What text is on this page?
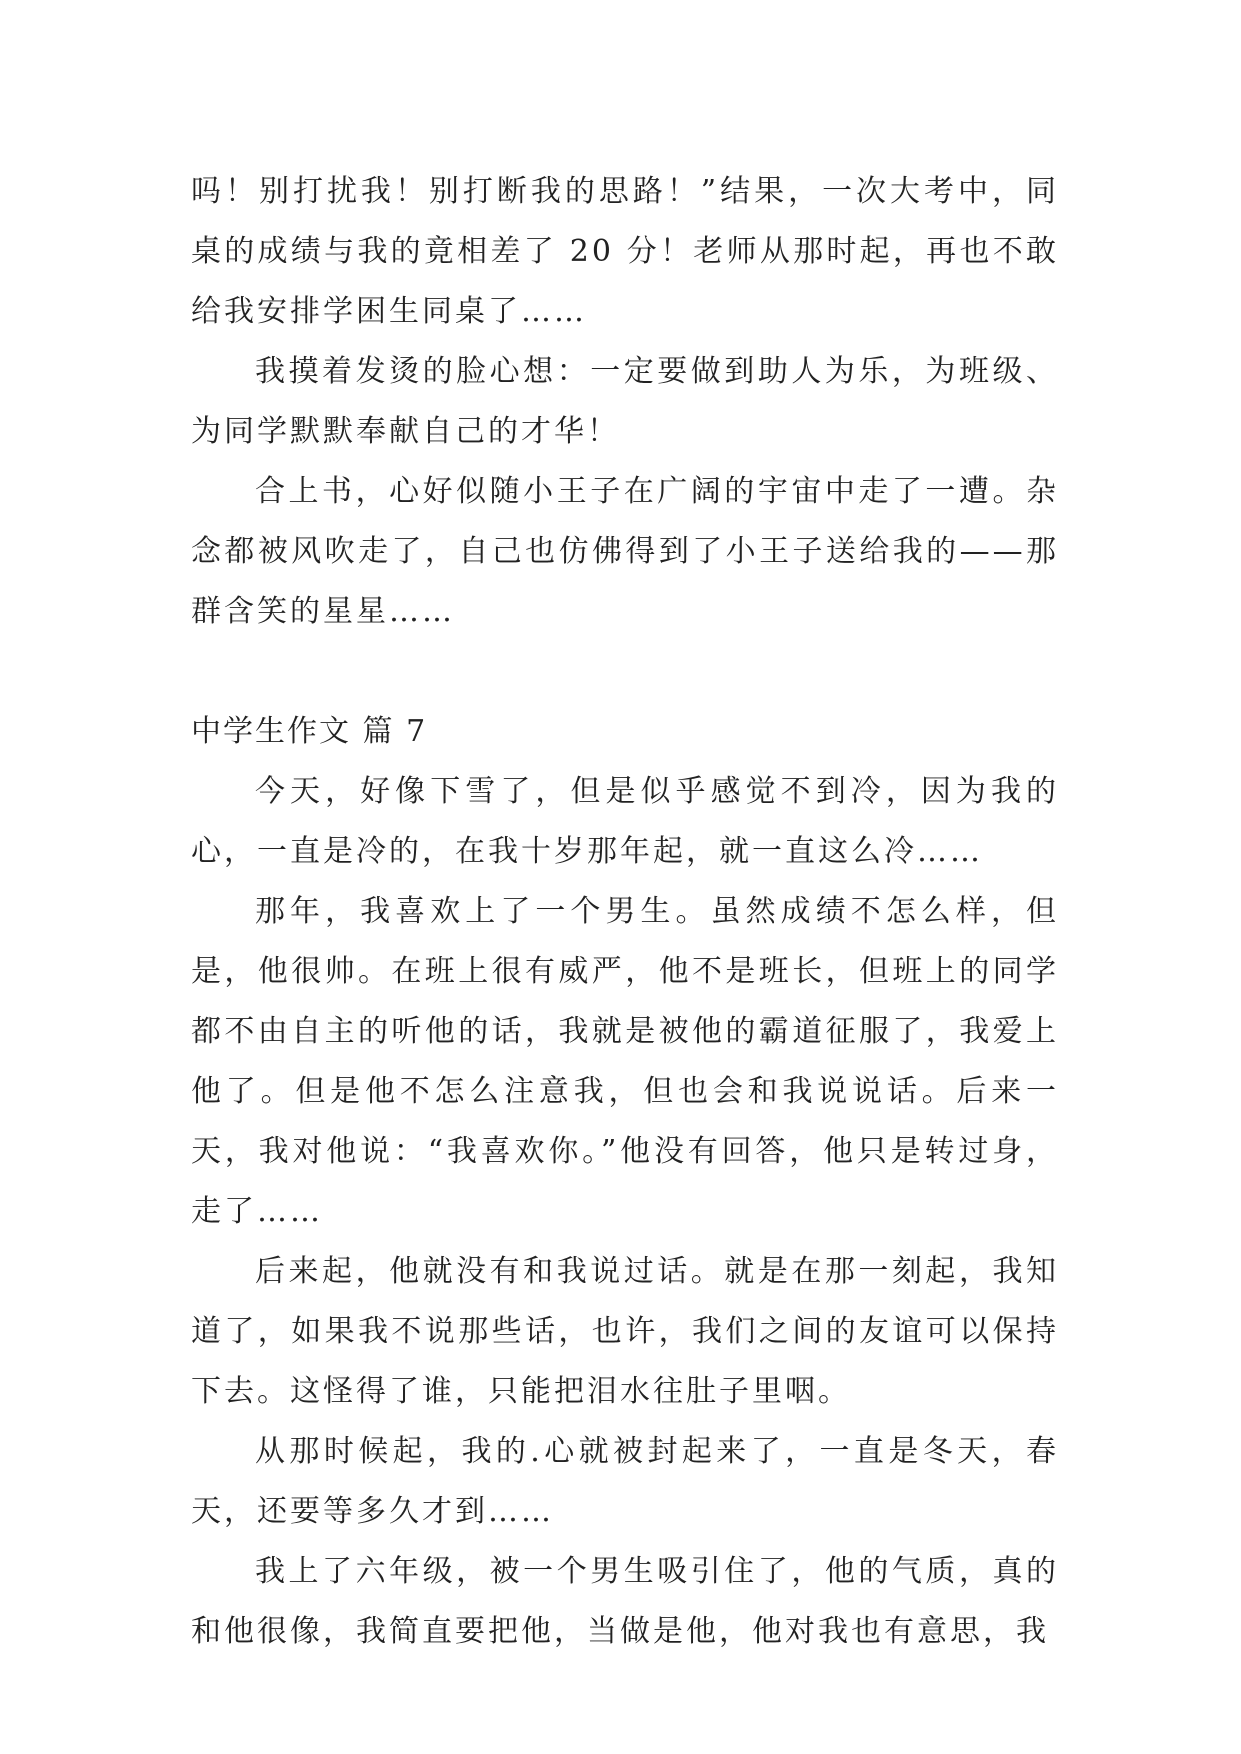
吗！别打扰我！别打断我的思路！”结果，一次大考中，同桌的成绩与我的竟相差了 20 分！老师从那时起，再也不敢给我安排学困生同桌了……

我摸着发烫的脸心想：一定要做到助人为乐，为班级、为同学默默奉献自己的才华！

合上书，心好似随小王子在广阔的宇宙中走了一遭。杂念都被风吹走了，自己也仿佛得到了小王子送给我的——那群含笑的星星……

中学生作文 篇 7

今天，好像下雪了，但是似乎感觉不到冷，因为我的心，一直是冷的，在我十岁那年起，就一直这么冷……

那年，我喜欢上了一个男生。虽然成绩不怎么样，但是，他很帅。在班上很有威严，他不是班长，但班上的同学都不由自主的听他的话，我就是被他的霸道征服了，我爱上他了。但是他不怎么注意我，但也会和我说说话。后来一天，我对他说：“我喜欢你。”他没有回答，他只是转过身，走了……

后来起，他就没有和我说过话。就是在那一刻起，我知道了，如果我不说那些话，也许，我们之间的友谊可以保持下去。这怪得了谁，只能把泪水往肚子里咽。

从那时候起，我的.心就被封起来了，一直是冬天，春天，还要等多久才到……

我上了六年级，被一个男生吸引住了，他的气质，真的和他很像，我简直要把他，当做是他，他对我也有意思，我
